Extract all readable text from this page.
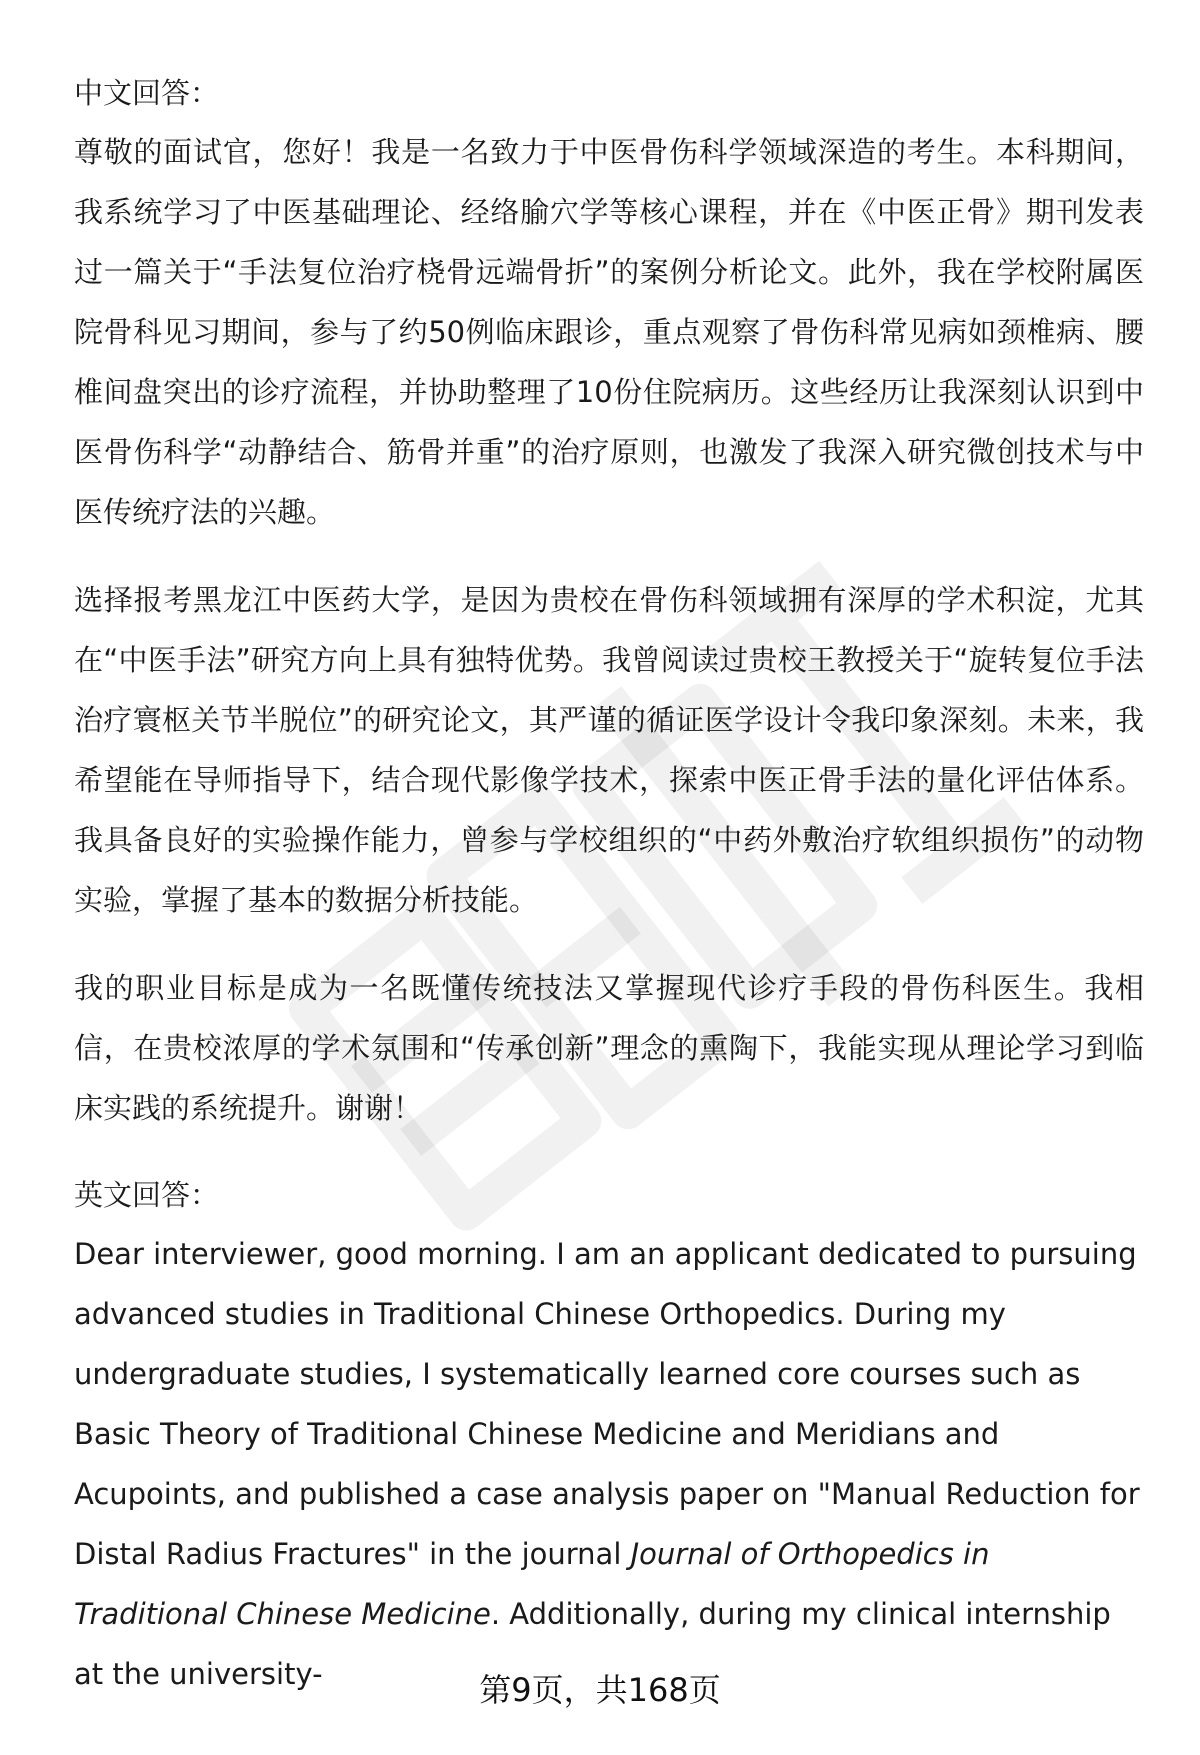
中文回答：

尊敬的面试官，您好！我是一名致力于中医骨伤科学领域深造的考生。本科期间，我系统学习了中医基础理论、经络腧穴学等核心课程，并在《中医正骨》期刊发表过一篇关于“手法复位治疗桡骨远端骨折”的案例分析论文。此外，我在学校附属医院骨科见习期间，参与了约50例临床跟诊，重点观察了骨伤科常见病如颈椎病、腰椎间盘突出的诊疗流程，并协助整理了10份住院病历。这些经历让我深刻认识到中医骨伤科学“动静结合、筋骨并重”的治疗原则，也激发了我深入研究微创技术与中医传统疗法的兴趣。

选择报考黑龙江中医药大学，是因为贵校在骨伤科领域拥有深厚的学术积淀，尤其在“中医手法”研究方向上具有独特优势。我曾阅读过贵校王教授关于“旋转复位手法治疗寰枢关节半脱位”的研究论文，其严谨的循证医学设计令我印象深刻。未来，我希望能在导师指导下，结合现代影像学技术，探索中医正骨手法的量化评估体系。我具备良好的实验操作能力，曾参与学校组织的“中药外敷治疗软组织损伤”的动物实验，掌握了基本的数据分析技能。

我的职业目标是成为一名既懂传统技法又掌握现代诊疗手段的骨伤科医生。我相信，在贵校浓厚的学术氛围和“传承创新”理念的熏陶下，我能实现从理论学习到临床实践的系统提升。谢谢！

英文回答：

Dear interviewer, good morning. I am an applicant dedicated to pursuing advanced studies in Traditional Chinese Orthopedics. During my undergraduate studies, I systematically learned core courses such as Basic Theory of Traditional Chinese Medicine and Meridians and Acupoints, and published a case analysis paper on "Manual Reduction for Distal Radius Fractures" in the journal Journal of Orthopedics in Traditional Chinese Medicine. Additionally, during my clinical internship at the university-	第9页，共168页
